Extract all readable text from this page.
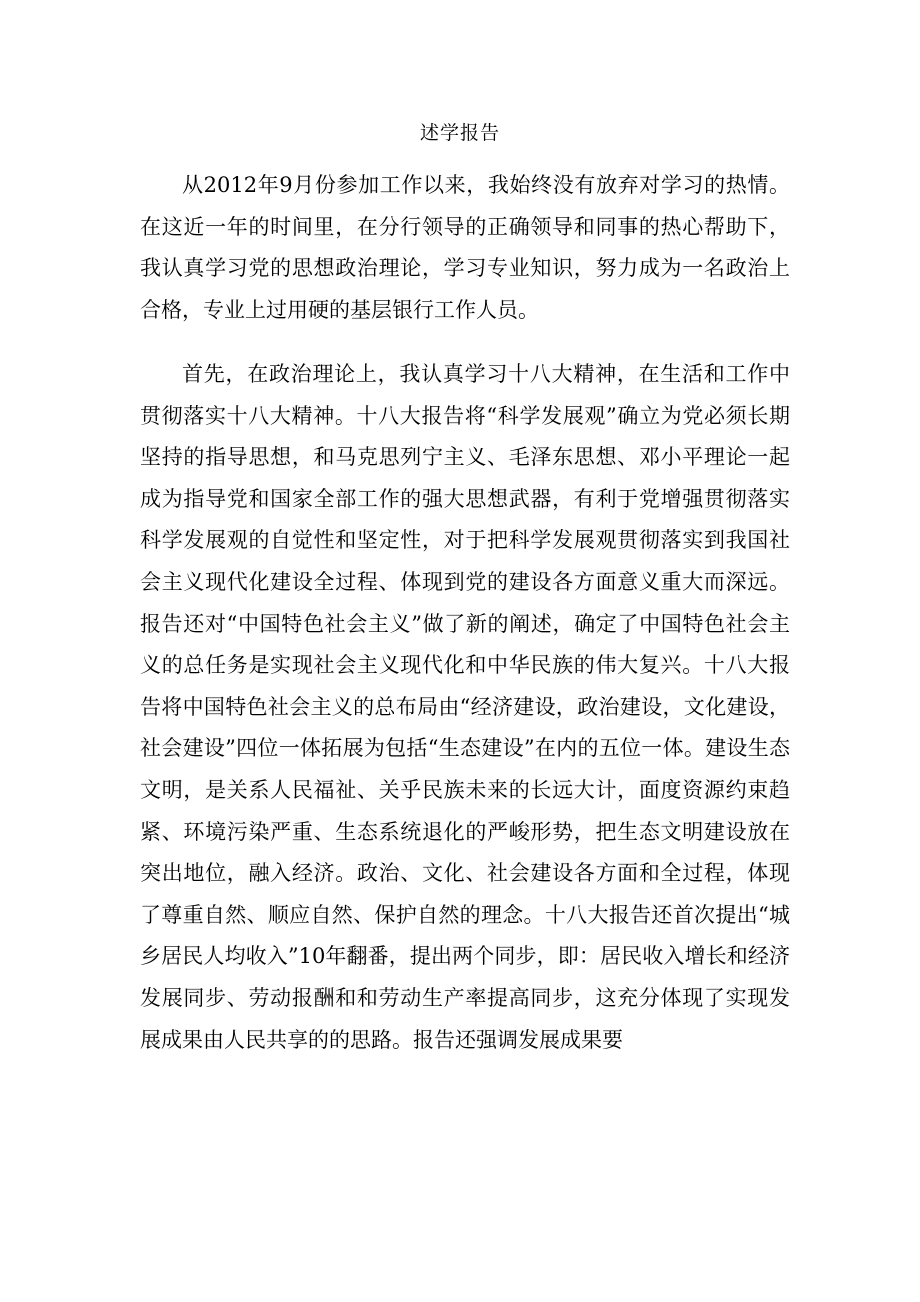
述学报告

从2012年9月份参加工作以来，我始终没有放弃对学习的热情。在这近一年的时间里，在分行领导的正确领导和同事的热心帮助下，我认真学习党的思想政治理论，学习专业知识，努力成为一名政治上合格，专业上过用硬的基层银行工作人员。

首先，在政治理论上，我认真学习十八大精神，在生活和工作中贯彻落实十八大精神。十八大报告将“科学发展观”确立为党必须长期坚持的指导思想，和马克思列宁主义、毛泽东思想、邓小平理论一起成为指导党和国家全部工作的强大思想武器，有利于党增强贯彻落实科学发展观的自觉性和坚定性，对于把科学发展观贯彻落实到我国社会主义现代化建设全过程、体现到党的建设各方面意义重大而深远。报告还对“中国特色社会主义”做了新的阐述，确定了中国特色社会主义的总任务是实现社会主义现代化和中华民族的伟大复兴。十八大报告将中国特色社会主义的总布局由“经济建设，政治建设，文化建设，社会建设”四位一体拓展为包括“生态建设”在内的五位一体。建设生态文明，是关系人民福祉、关乎民族未来的长远大计，面度资源约束趋紧、环境污染严重、生态系统退化的严峻形势，把生态文明建设放在突出地位，融入经济。政治、文化、社会建设各方面和全过程，体现了尊重自然、顺应自然、保护自然的理念。十八大报告还首次提出“城乡居民人均收入”10年翻番，提出两个同步，即：居民收入增长和经济发展同步、劳动报酬和和劳动生产率提高同步，这充分体现了实现发展成果由人民共享的的思路。报告还强调发展成果要
